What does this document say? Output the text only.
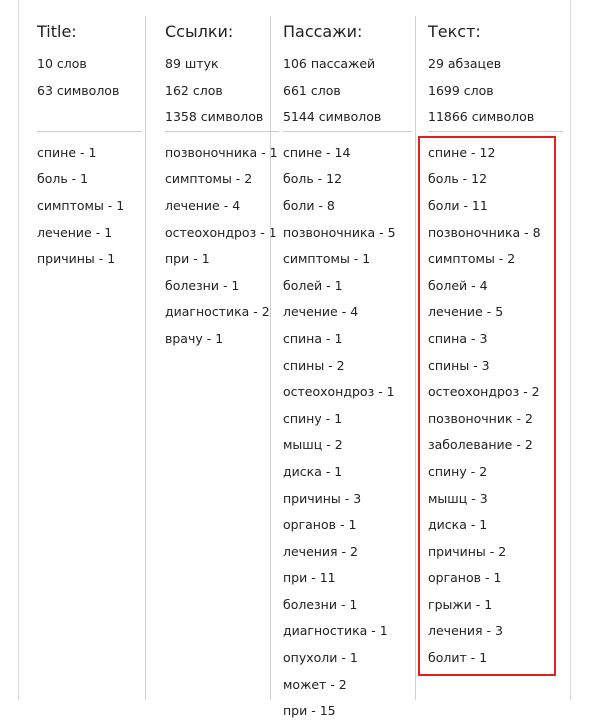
Title:
10 слов
63 символов

спине - 1
боль - 1
симптомы - 1
лечение - 1
причины - 1
Ссылки:
89 штук
162 слов
1358 символов
позвоночника - 1
симптомы - 2
лечение - 4
остеохондроз - 1
при - 1
болезни - 1
диагностика - 2
врачу - 1
Пассажи:
106 пассажей
661 слов
5144 символов
спине - 14
боль - 12
боли - 8
позвоночника - 5
симптомы - 1
болей - 1
лечение - 4
спина - 1
спины - 2
остеохондроз - 1
спину - 1
мышц - 2
диска - 1
причины - 3
органов - 1
лечения - 2
при - 11
болезни - 1
диагностика - 1
опухоли - 1
может - 2
при - 15
Текст:
29 абзацев
1699 слов
11866 символов
спине - 12
боль - 12
боли - 11
позвоночника - 8
симптомы - 2
болей - 4
лечение - 5
спина - 3
спины - 3
остеохондроз - 2
позвоночник - 2
заболевание - 2
спину - 2
мышц - 3
диска - 1
причины - 2
органов - 1
грыжи - 1
лечения - 3
болит - 1
